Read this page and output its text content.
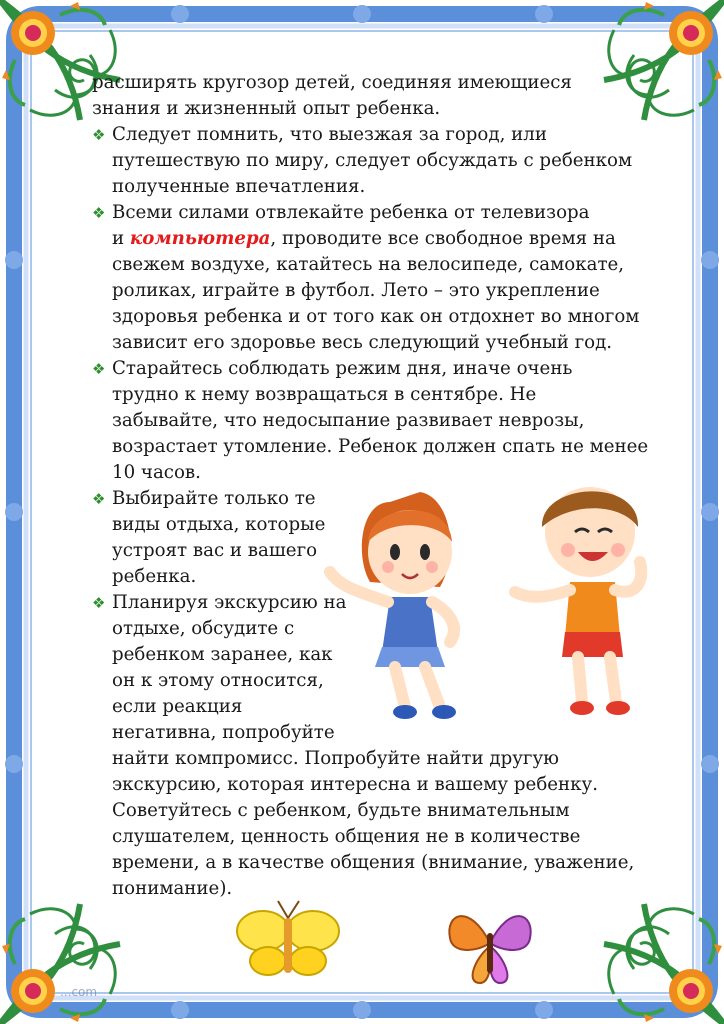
расширять кругозор детей, соединяя имеющиеся
знания и жизненный опыт ребенка.
❖ Следует помнить, что выезжая за город, или
путешествую по миру, следует обсуждать с ребенком
полученные впечатления.
❖ Всеми силами отвлекайте ребенка от телевизора
и компьютера, проводите все свободное время на
свежем воздухе, катайтесь на велосипеде, самокате,
роликах, играйте в футбол. Лето – это укрепление
здоровья ребенка и от того как он отдохнет во многом
зависит его здоровье весь следующий учебный год.
❖ Старайтесь соблюдать режим дня, иначе очень
трудно к нему возвращаться в сентябре. Не
забывайте, что недосыпание развивает неврозы,
возрастает утомление. Ребенок должен спать не менее
10 часов.
❖ Выбирайте только те
виды отдыха, которые
устроят вас и вашего
ребенка.
❖ Планируя экскурсию на
отдыхе, обсудите с
ребенком заранее, как
он к этому относится,
если реакция
негативна, попробуйте
найти компромисс. Попробуйте найти другую
экскурсию, которая интересна и вашему ребенку.
Советуйтесь с ребенком, будьте внимательным
слушателем, ценность общения не в количестве
времени, а в качестве общения (внимание, уважение,
понимание).
...com
